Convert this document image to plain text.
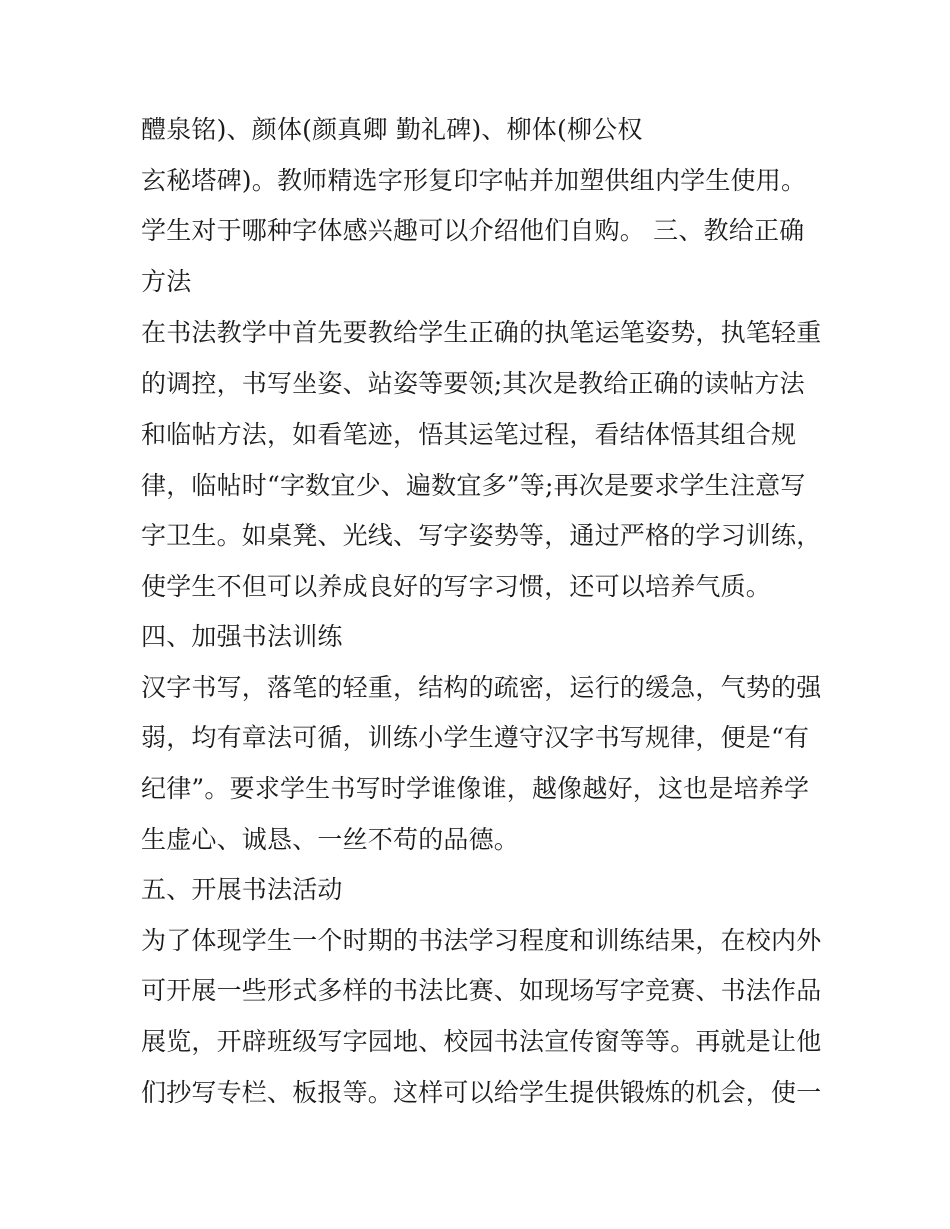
醴泉铭)、颜体(颜真卿 勤礼碑)、柳体(柳公权
玄秘塔碑)。教师精选字形复印字帖并加塑供组内学生使用。
学生对于哪种字体感兴趣可以介绍他们自购。 三、教给正确
方法
在书法教学中首先要教给学生正确的执笔运笔姿势，执笔轻重
的调控，书写坐姿、站姿等要领;其次是教给正确的读帖方法
和临帖方法，如看笔迹，悟其运笔过程，看结体悟其组合规
律，临帖时“字数宜少、遍数宜多”等;再次是要求学生注意写
字卫生。如桌凳、光线、写字姿势等，通过严格的学习训练，
使学生不但可以养成良好的写字习惯，还可以培养气质。
四、加强书法训练
汉字书写，落笔的轻重，结构的疏密，运行的缓急，气势的强
弱，均有章法可循，训练小学生遵守汉字书写规律，便是“有
纪律”。要求学生书写时学谁像谁，越像越好，这也是培养学
生虚心、诚恳、一丝不苟的品德。
五、开展书法活动
为了体现学生一个时期的书法学习程度和训练结果，在校内外
可开展一些形式多样的书法比赛、如现场写字竞赛、书法作品
展览，开辟班级写字园地、校园书法宣传窗等等。再就是让他
们抄写专栏、板报等。这样可以给学生提供锻炼的机会，使一
